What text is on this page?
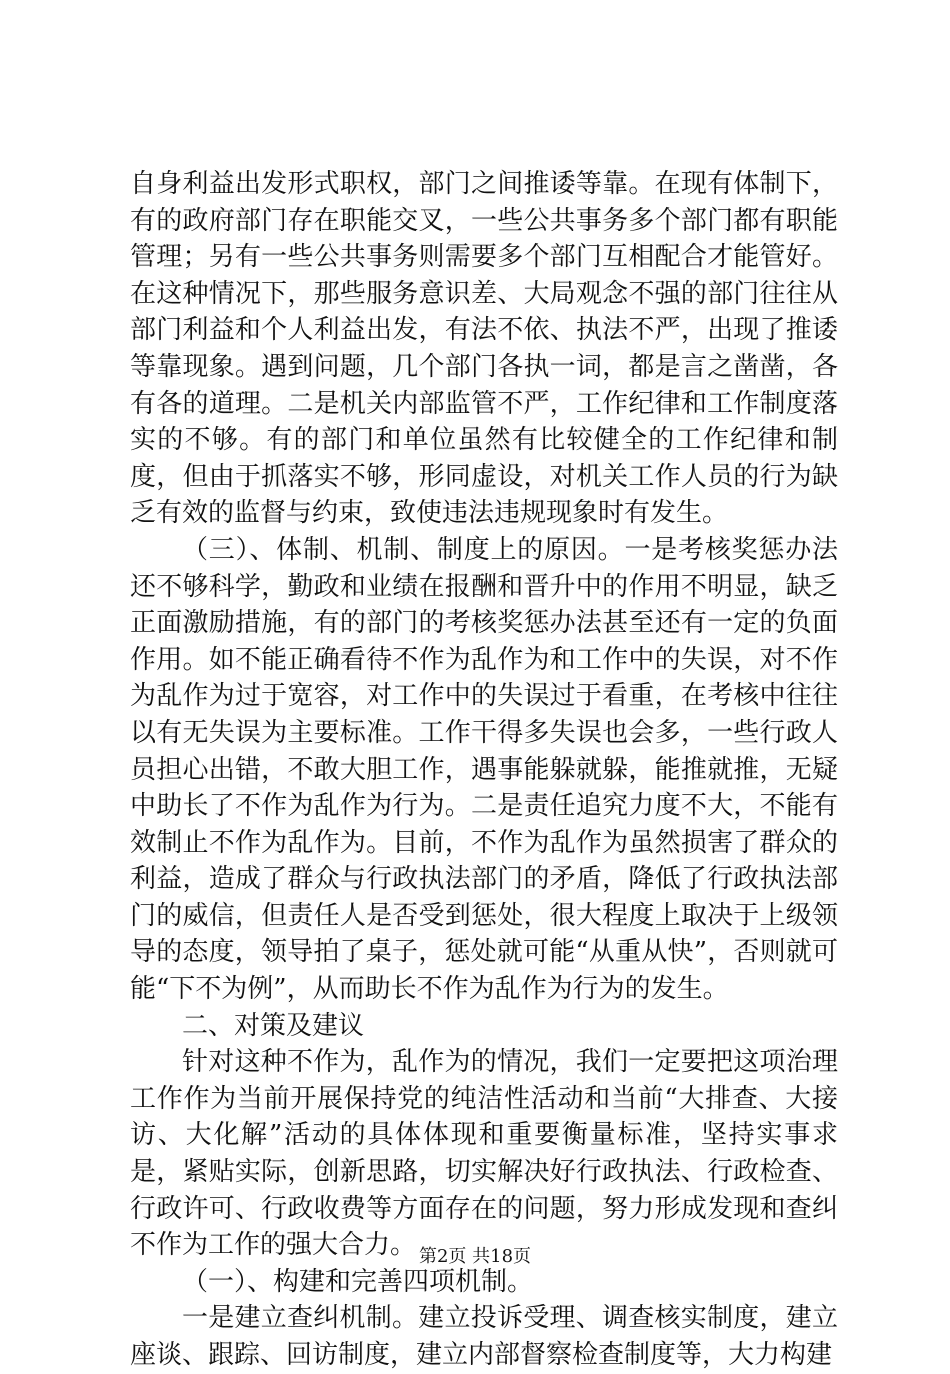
自身利益出发形式职权，部门之间推诿等靠。在现有体制下，有的政府部门存在职能交叉，一些公共事务多个部门都有职能管理；另有一些公共事务则需要多个部门互相配合才能管好。在这种情况下，那些服务意识差、大局观念不强的部门往往从部门利益和个人利益出发，有法不依、执法不严，出现了推诿等靠现象。遇到问题，几个部门各执一词，都是言之凿凿，各有各的道理。二是机关内部监管不严，工作纪律和工作制度落实的不够。有的部门和单位虽然有比较健全的工作纪律和制度，但由于抓落实不够，形同虚设，对机关工作人员的行为缺乏有效的监督与约束，致使违法违规现象时有发生。

（三）、体制、机制、制度上的原因。一是考核奖惩办法还不够科学，勤政和业绩在报酬和晋升中的作用不明显，缺乏正面激励措施，有的部门的考核奖惩办法甚至还有一定的负面作用。如不能正确看待不作为乱作为和工作中的失误，对不作为乱作为过于宽容，对工作中的失误过于看重，在考核中往往以有无失误为主要标准。工作干得多失误也会多，一些行政人员担心出错，不敢大胆工作，遇事能躲就躲，能推就推，无疑中助长了不作为乱作为行为。二是责任追究力度不大，不能有效制止不作为乱作为。目前，不作为乱作为虽然损害了群众的利益，造成了群众与行政执法部门的矛盾，降低了行政执法部门的威信，但责任人是否受到惩处，很大程度上取决于上级领导的态度，领导拍了桌子，惩处就可能“从重从快”，否则就可能“下不为例”，从而助长不作为乱作为行为的发生。

二、对策及建议

针对这种不作为，乱作为的情况，我们一定要把这项治理工作作为当前开展保持党的纯洁性活动和当前“大排查、大接访、大化解”活动的具体体现和重要衡量标准，坚持实事求是，紧贴实际，创新思路，切实解决好行政执法、行政检查、行政许可、行政收费等方面存在的问题，努力形成发现和查纠不作为工作的强大合力。

（一）、构建和完善四项机制。

一是建立查纠机制。建立投诉受理、调查核实制度，建立座谈、跟踪、回访制度，建立内部督察检查制度等，大力构建

第2页 共18页
